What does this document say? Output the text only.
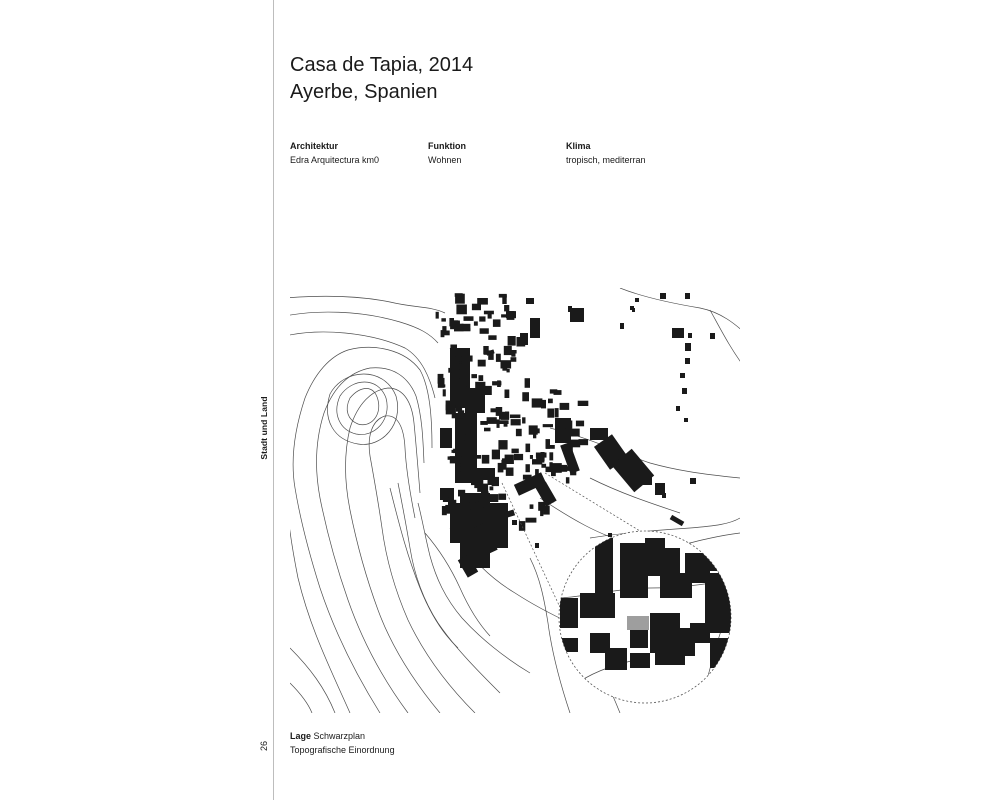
Stadt und Land
26
Casa de Tapia, 2014
Ayerbe, Spanien
Architektur
Edra Arquitectura km0
Funktion
Wohnen
Klima
tropisch, mediterran
Lage Schwarzplan
Topografische Einordnung
